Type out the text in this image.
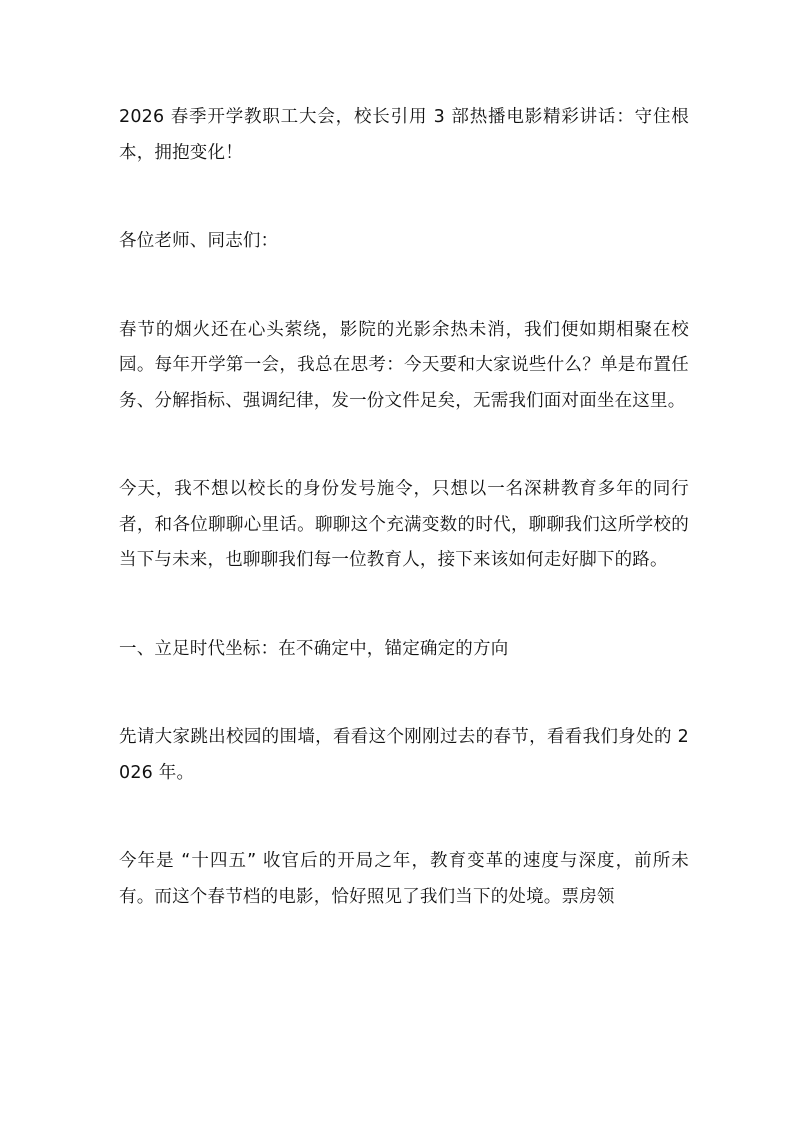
2026 春季开学教职工大会，校长引用 3 部热播电影精彩讲话：守住根本，拥抱变化！

各位老师、同志们：

春节的烟火还在心头萦绕，影院的光影余热未消，我们便如期相聚在校园。每年开学第一会，我总在思考：今天要和大家说些什么？单是布置任务、分解指标、强调纪律，发一份文件足矣，无需我们面对面坐在这里。

今天，我不想以校长的身份发号施令，只想以一名深耕教育多年的同行者，和各位聊聊心里话。聊聊这个充满变数的时代，聊聊我们这所学校的当下与未来，也聊聊我们每一位教育人，接下来该如何走好脚下的路。

一、立足时代坐标：在不确定中，锚定确定的方向

先请大家跳出校园的围墙，看看这个刚刚过去的春节，看看我们身处的 2026 年。

今年是 “十四五” 收官后的开局之年，教育变革的速度与深度，前所未有。而这个春节档的电影，恰好照见了我们当下的处境。票房领
